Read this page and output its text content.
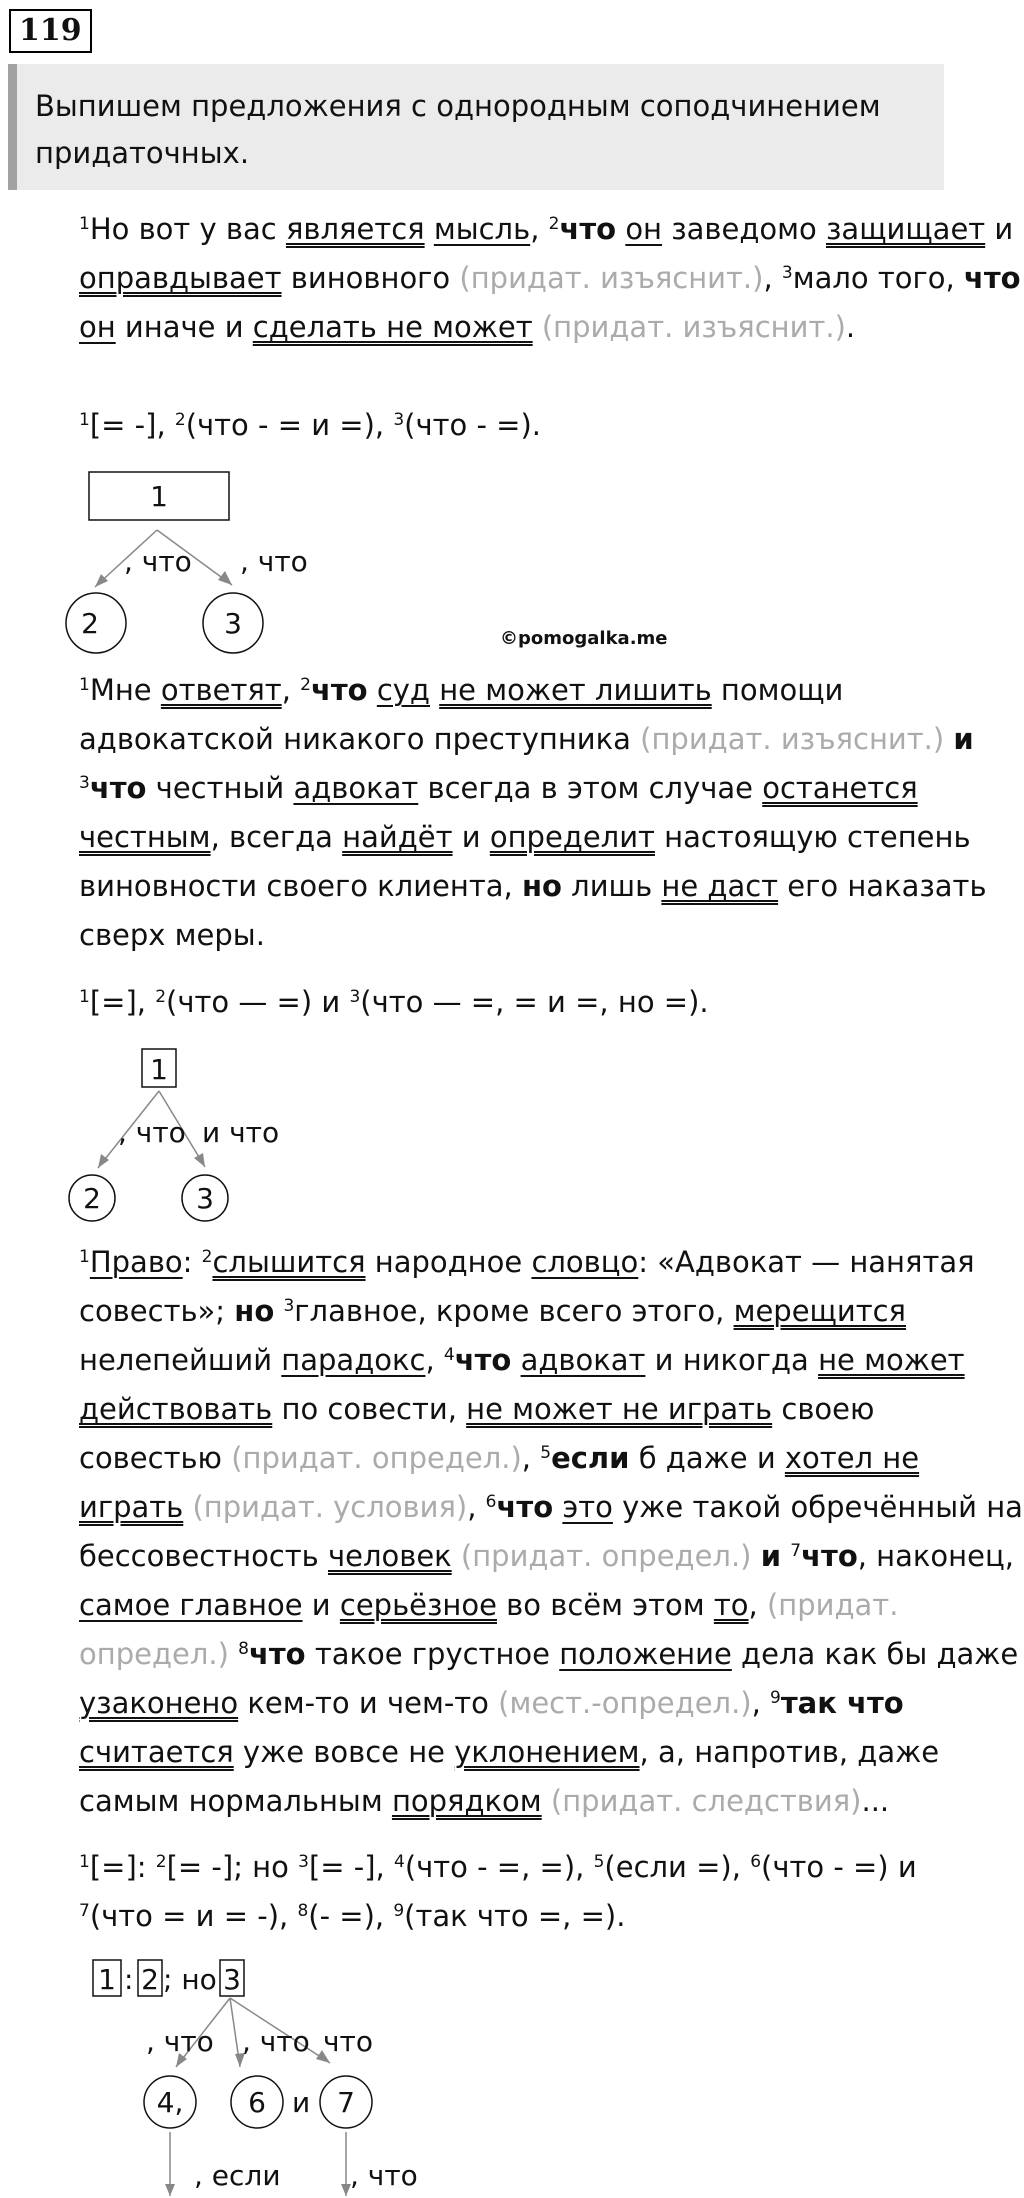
119
Выпишем предложения с однородным соподчинением придаточных.
$^1$Но вот у вас является мысль, $^2$что он заведомо защищает и оправдывает виновного (придат. изъяснит.), $^3$мало того, что он иначе и сделать не может (придат. изъяснит.).
$^1$[= -], $^2$(что - = и =), $^3$(что - =).
1
, что , что
2	3	©pomogalka.me
$^1$Мне ответят, $^2$что суд не может лишить помощи адвокатской никакого преступника (придат. изъяснит.) и $^3$что честный адвокат всегда в этом случае останется честным, всегда найдёт и определит настоящую степень виновности своего клиента, но лишь не даст его наказать сверх меры.
$^1$[=], $^2$(что — =) и $^3$(что — =, = и =, но =).
1
, что и что
2	3
$^1$Право: $^2$слышится народное словцо: «Адвокат — нанятая совесть»; но $^3$главное, кроме всего этого, мерещится нелепейший парадокс, $^4$что адвокат и никогда не может действовать по совести, не может не играть своею совестью (придат. определ.), $^5$если б даже и хотел не играть (придат. условия), $^6$что это уже такой обречённый на бессовестность человек (придат. определ.) и $^7$что, наконец, самое главное и серьёзное во всём этом то, (придат. определ.) $^8$что такое грустное положение дела как бы даже узаконено кем-то и чем-то (мест.-определ.), $^9$так что считается уже вовсе не уклонением, а, напротив, даже самым нормальным порядком (придат. следствия)...
$^1$[=]: $^2$[= -]; но $^3$[= -], $^4$(что - =, =), $^5$(если =), $^6$(что - =) и $^7$(что = и = -), $^8$(- =), $^9$(так что =, =).
1 : 2 ; но 3
, что , что что
4, 6 и 7
, если , что
